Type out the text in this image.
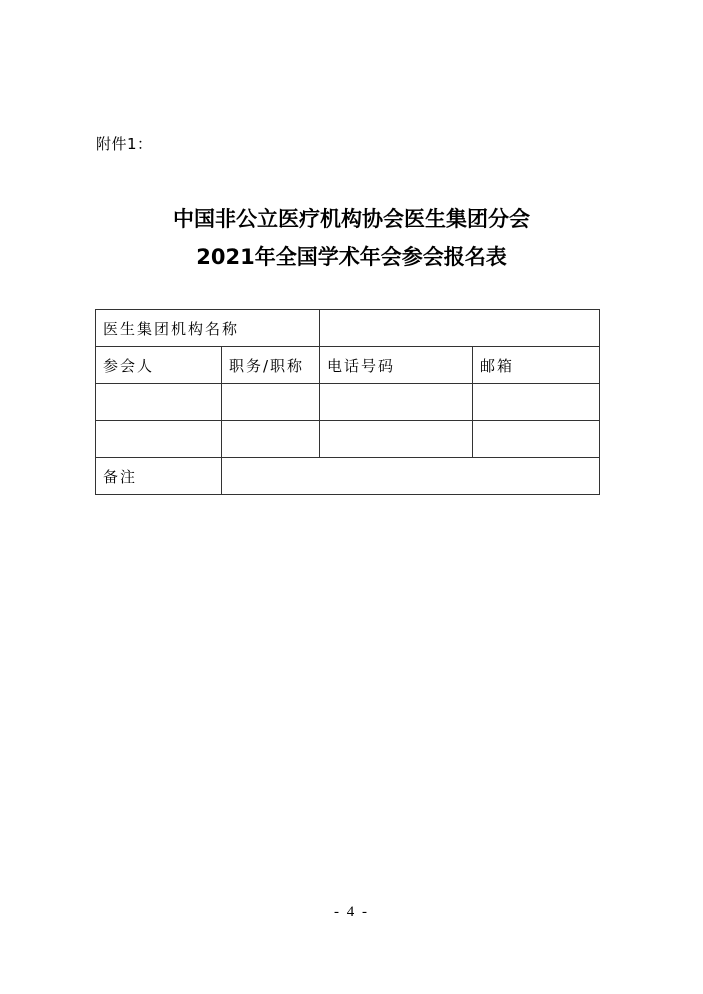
附件1：
中国非公立医疗机构协会医生集团分会
2021年全国学术年会参会报名表
医生集团机构名称			
参会人	职务/职称	电话号码	邮箱

备注			
- 4 -
